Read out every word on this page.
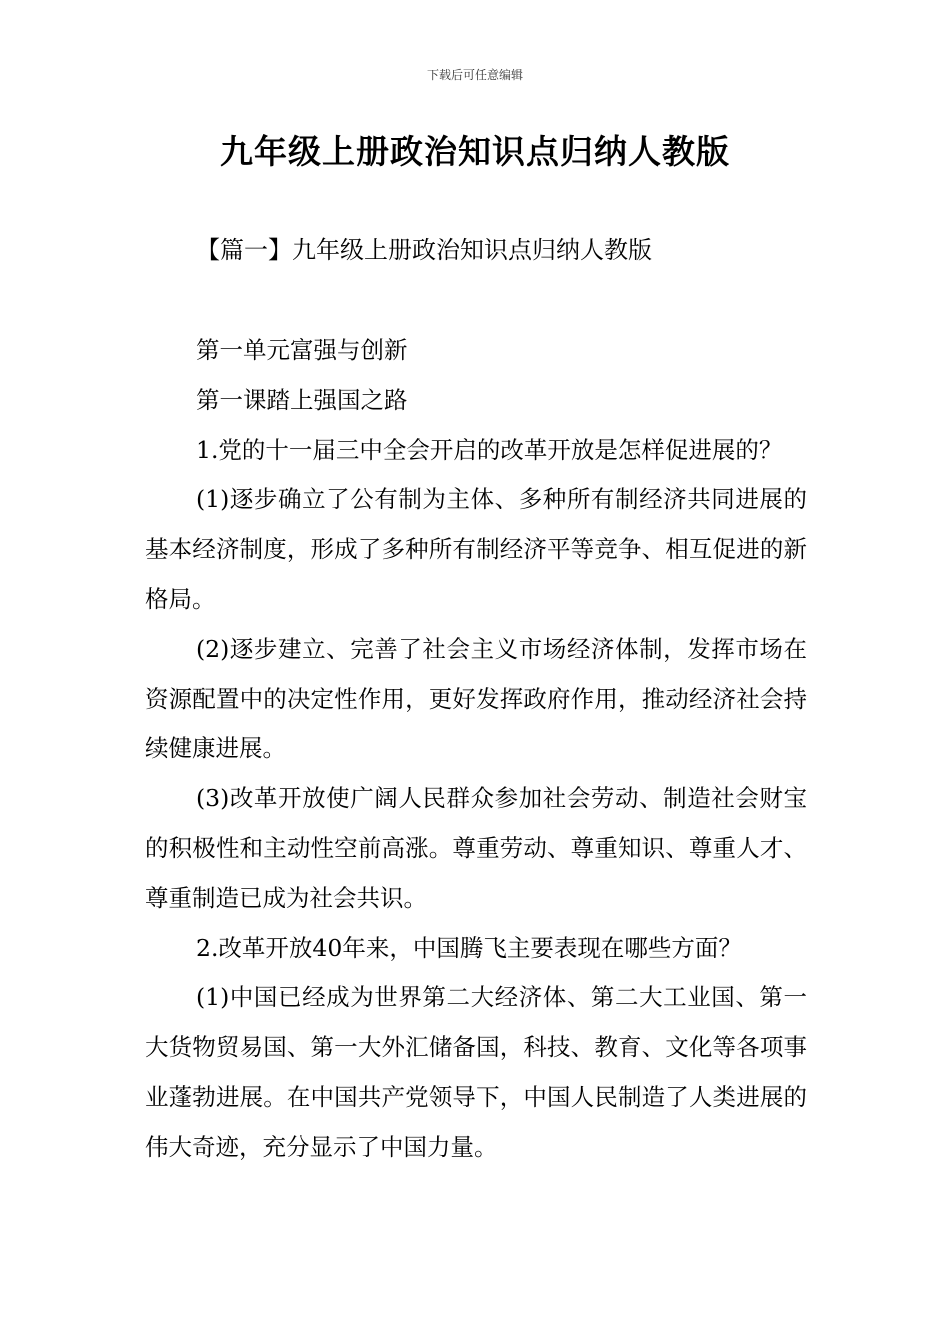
下载后可任意编辑
九年级上册政治知识点归纳人教版
【篇一】九年级上册政治知识点归纳人教版

第一单元富强与创新

第一课踏上强国之路

1.党的十一届三中全会开启的改革开放是怎样促进展的？

(1)逐步确立了公有制为主体、多种所有制经济共同进展的基本经济制度，形成了多种所有制经济平等竞争、相互促进的新格局。

(2)逐步建立、完善了社会主义市场经济体制，发挥市场在资源配置中的决定性作用，更好发挥政府作用，推动经济社会持续健康进展。

(3)改革开放使广阔人民群众参加社会劳动、制造社会财宝的积极性和主动性空前高涨。尊重劳动、尊重知识、尊重人才、尊重制造已成为社会共识。

2.改革开放40年来，中国腾飞主要表现在哪些方面？

(1)中国已经成为世界第二大经济体、第二大工业国、第一大货物贸易国、第一大外汇储备国，科技、教育、文化等各项事业蓬勃进展。在中国共产党领导下，中国人民制造了人类进展的伟大奇迹，充分显示了中国力量。
